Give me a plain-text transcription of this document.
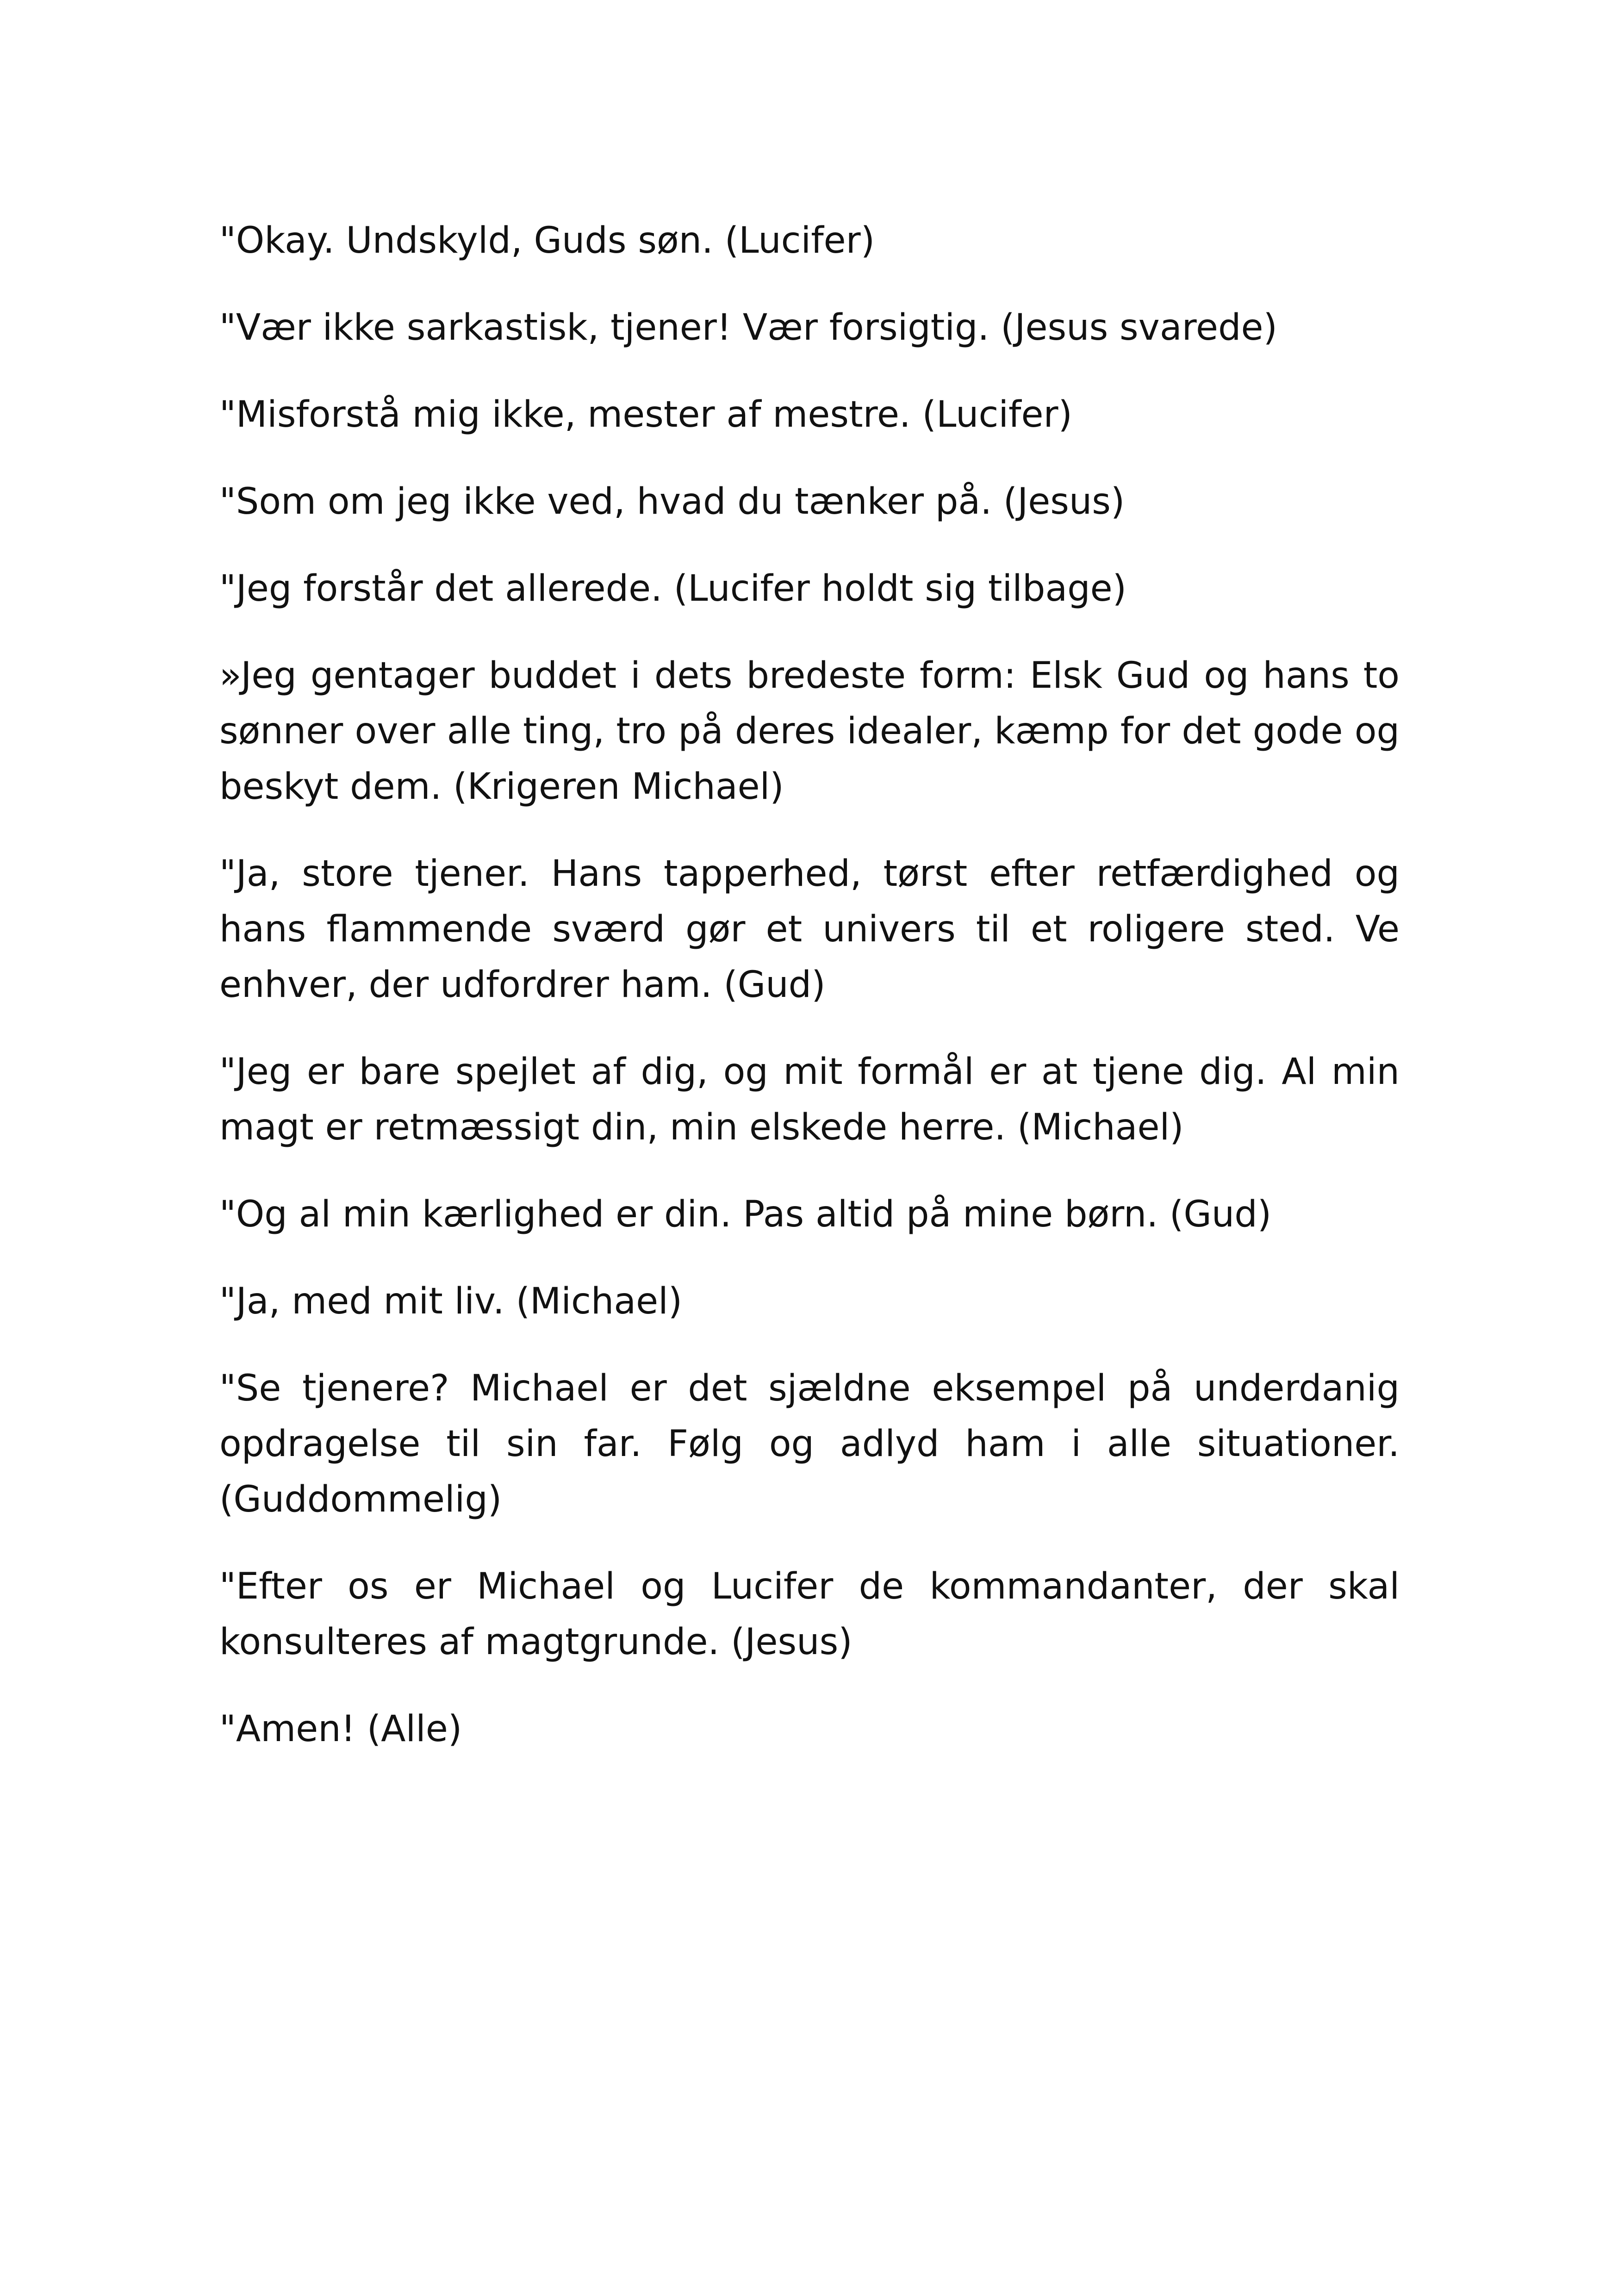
"Okay. Undskyld, Guds søn. (Lucifer)

"Vær ikke sarkastisk, tjener! Vær forsigtig. (Jesus svarede)

"Misforstå mig ikke, mester af mestre. (Lucifer)

"Som om jeg ikke ved, hvad du tænker på. (Jesus)

"Jeg forstår det allerede. (Lucifer holdt sig tilbage)

»Jeg gentager buddet i dets bredeste form: Elsk Gud og hans to sønner over alle ting, tro på deres idealer, kæmp for det gode og beskyt dem. (Krigeren Michael)

"Ja, store tjener. Hans tapperhed, tørst efter retfærdighed og hans flammende sværd gør et univers til et roligere sted. Ve enhver, der udfordrer ham. (Gud)

"Jeg er bare spejlet af dig, og mit formål er at tjene dig. Al min magt er retmæssigt din, min elskede herre. (Michael)

"Og al min kærlighed er din. Pas altid på mine børn. (Gud)

"Ja, med mit liv. (Michael)

"Se tjenere? Michael er det sjældne eksempel på underdanig opdragelse til sin far. Følg og adlyd ham i alle situationer. (Guddommelig)

"Efter os er Michael og Lucifer de kommandanter, der skal konsulteres af magtgrunde. (Jesus)

"Amen! (Alle)
